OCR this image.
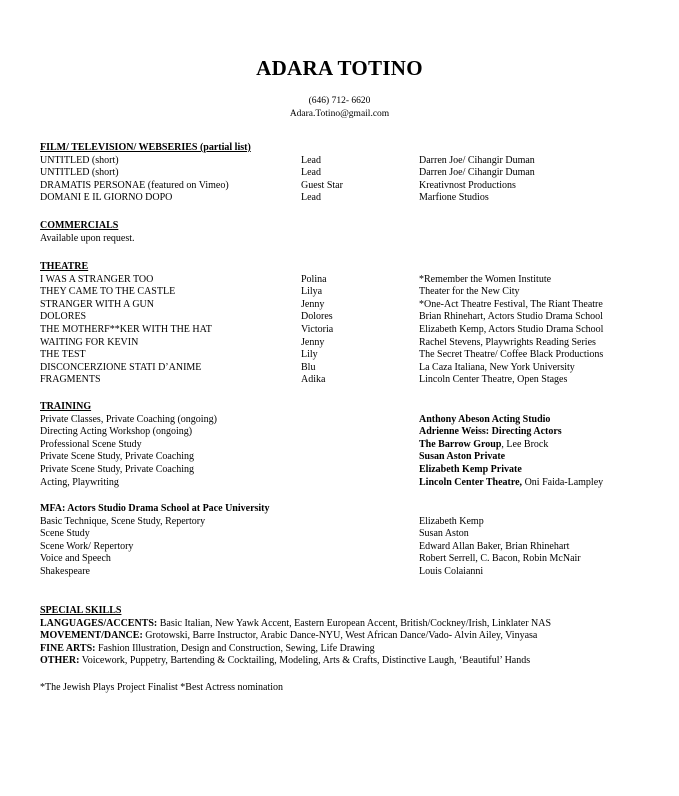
ADARA TOTINO
(646) 712- 6620
Adara.Totino@gmail.com
FILM/ TELEVISION/ WEBSERIES (partial list)
UNTITLED (short)	Lead	Darren Joe/ Cihangir Duman
UNTITLED (short)	Lead	Darren Joe/ Cihangir Duman
DRAMATIS PERSONAE (featured on Vimeo)	Guest Star	Kreativnost Productions
DOMANI E IL GIORNO DOPO	Lead	Marfione Studios
COMMERCIALS
Available upon request.
THEATRE
I WAS A STRANGER TOO	Polina	*Remember the Women Institute
THEY CAME TO THE CASTLE	Lilya	Theater for the New City
STRANGER WITH A GUN	Jenny	*One-Act Theatre Festival, The Riant Theatre
DOLORES	Dolores	Brian Rhinehart, Actors Studio Drama School
THE MOTHERF**KER WITH THE HAT	Victoria	Elizabeth Kemp, Actors Studio Drama School
WAITING FOR KEVIN	Jenny	Rachel Stevens, Playwrights Reading Series
THE TEST	Lily	The Secret Theatre/ Coffee Black Productions
DISCONCERZIONE STATI D’ANIME	Blu	La Caza Italiana, New York University
FRAGMENTS	Adika	Lincoln Center Theatre, Open Stages
TRAINING
Private Classes, Private Coaching (ongoing)	Anthony Abeson Acting Studio
Directing Acting Workshop (ongoing)	Adrienne Weiss: Directing Actors
Professional Scene Study	The Barrow Group, Lee Brock
Private Scene Study, Private Coaching	Susan Aston Private
Private Scene Study, Private Coaching	Elizabeth Kemp Private
Acting, Playwriting	Lincoln Center Theatre, Oni Faida-Lampley
MFA: Actors Studio Drama School at Pace University
Basic Technique, Scene Study, Repertory	Elizabeth Kemp
Scene Study	Susan Aston
Scene Work/ Repertory	Edward Allan Baker, Brian Rhinehart
Voice and Speech	Robert Serrell, C. Bacon, Robin McNair
Shakespeare	Louis Colaianni
SPECIAL SKILLS
LANGUAGES/ACCENTS: Basic Italian, New Yawk Accent, Eastern European Accent, British/Cockney/Irish, Linklater NAS
MOVEMENT/DANCE: Grotowski, Barre Instructor, Arabic Dance-NYU, West African Dance/Vado- Alvin Ailey, Vinyasa
FINE ARTS: Fashion Illustration, Design and Construction, Sewing, Life Drawing
OTHER: Voicework, Puppetry, Bartending & Cocktailing, Modeling, Arts & Crafts, Distinctive Laugh, ‘Beautiful’ Hands
*The Jewish Plays Project Finalist *Best Actress nomination
